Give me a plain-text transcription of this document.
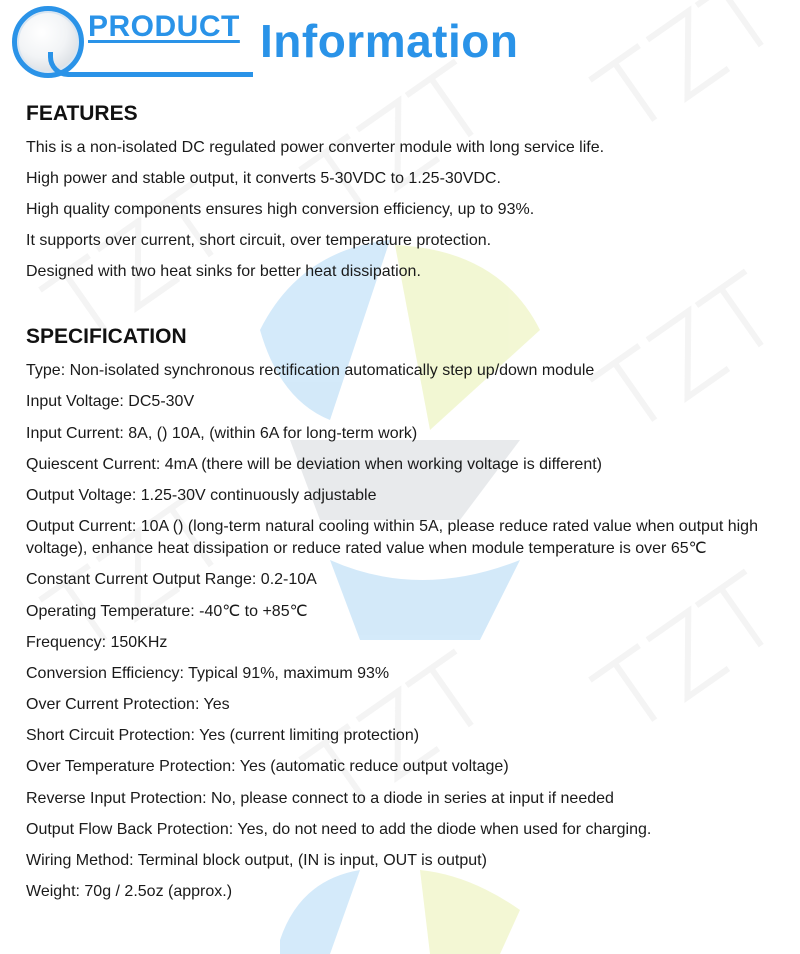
PRODUCT Information
FEATURES

This is a non-isolated DC regulated power converter module with long service life.

High power and stable output, it converts 5-30VDC to 1.25-30VDC.

High quality components ensures high conversion efficiency, up to 93%.

It supports over current, short circuit, over temperature protection.

Designed with two heat sinks for better heat dissipation.

SPECIFICATION

Type: Non-isolated synchronous rectification automatically step up/down module

Input Voltage: DC5-30V

Input Current: 8A, () 10A, (within 6A for long-term work)

Quiescent Current: 4mA (there will be deviation when working voltage is different)

Output Voltage: 1.25-30V continuously adjustable

Output Current: 10A () (long-term natural cooling within 5A, please reduce rated value when output high voltage), enhance heat dissipation or reduce rated value when module temperature is over 65℃

Constant Current Output Range: 0.2-10A

Operating Temperature: -40℃ to +85℃

Frequency: 150KHz

Conversion Efficiency: Typical 91%, maximum 93%

Over Current Protection: Yes

Short Circuit Protection: Yes (current limiting protection)

Over Temperature Protection: Yes (automatic reduce output voltage)

Reverse Input Protection: No, please connect to a diode in series at input if needed

Output Flow Back Protection: Yes, do not need to add the diode when used for charging.

Wiring Method: Terminal block output, (IN is input, OUT is output)

Weight: 70g / 2.5oz (approx.)
